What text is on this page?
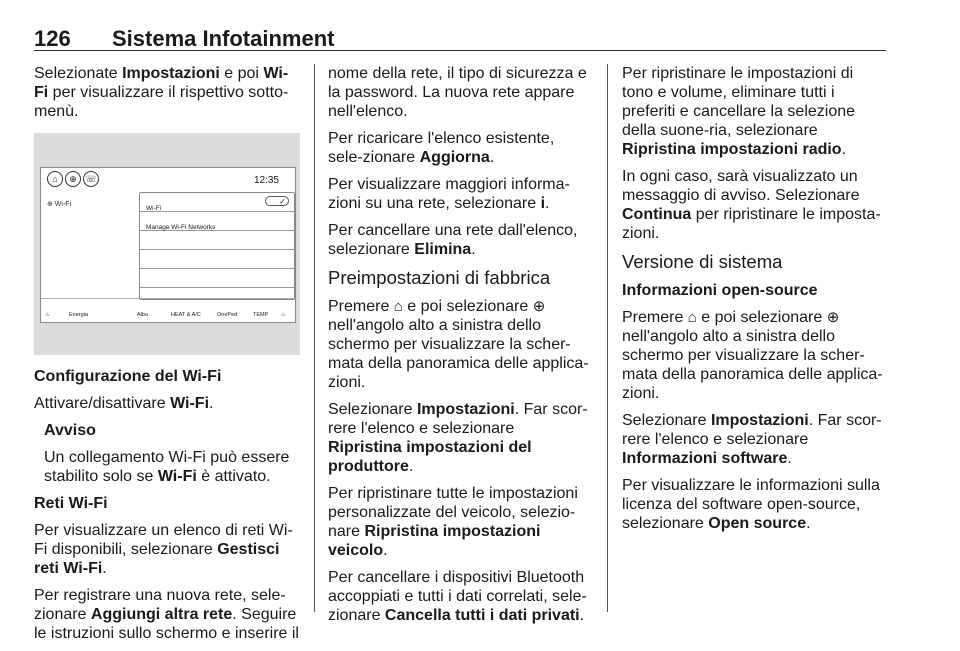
126 Sistema Infotainment

Selezionate Impostazioni e poi Wi-Fi per visualizzare il rispettivo sotto-menù.

⌂	⊕ ☏	12:35
⊕ Wi-Fi
Wi-Fi
✓
Manage Wi-Fi Networks
♨	Energia	Alba	HEAT & A/C	OnePed	TEMP ♨

Configurazione del Wi-Fi

Attivare/disattivare Wi-Fi.

Avviso

Un collegamento Wi-Fi può essere stabilito solo se Wi-Fi è attivato.

Reti Wi-Fi

Per visualizzare un elenco di reti Wi-Fi disponibili, selezionare Gestisci reti Wi-Fi.

Per registrare una nuova rete, sele-zionare Aggiungi altra rete. Seguire le istruzioni sullo schermo e inserire il

nome della rete, il tipo di sicurezza e la password. La nuova rete appare nell'elenco.

Per ricaricare l'elenco esistente, sele-zionare Aggiorna.

Per visualizzare maggiori informa-zioni su una rete, selezionare i.

Per cancellare una rete dall'elenco, selezionare Elimina.

Preimpostazioni di fabbrica

Premere ⌂ e poi selezionare ⊕ nell'angolo alto a sinistra dello schermo per visualizzare la scher-mata della panoramica delle applica-zioni.

Selezionare Impostazioni. Far scor-rere l'elenco e selezionare Ripristina impostazioni del produttore.

Per ripristinare tutte le impostazioni personalizzate del veicolo, selezio-nare Ripristina impostazioni veicolo.

Per cancellare i dispositivi Bluetooth accoppiati e tutti i dati correlati, sele-zionare Cancella tutti i dati privati.

Per ripristinare le impostazioni di tono e volume, eliminare tutti i preferiti e cancellare la selezione della suone-ria, selezionare Ripristina impostazioni radio.

In ogni caso, sarà visualizzato un messaggio di avviso. Selezionare Continua per ripristinare le imposta-zioni.

Versione di sistema

Informazioni open-source

Premere ⌂ e poi selezionare ⊕ nell'angolo alto a sinistra dello schermo per visualizzare la scher-mata della panoramica delle applica-zioni.

Selezionare Impostazioni. Far scor-rere l'elenco e selezionare Informazioni software.

Per visualizzare le informazioni sulla licenza del software open-source, selezionare Open source.
